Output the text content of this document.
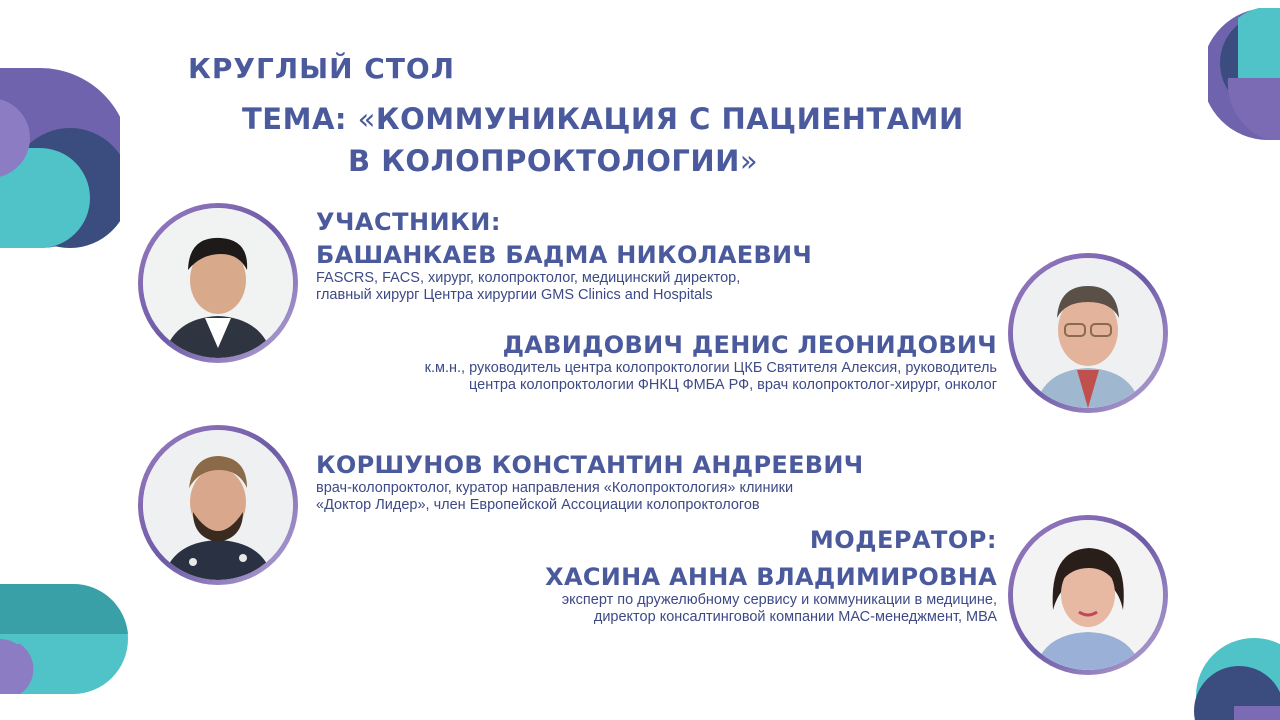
КРУГЛЫЙ СТОЛ
ТЕМА: «КОММУНИКАЦИЯ С ПАЦИЕНТАМИ
В КОЛОПРОКТОЛОГИИ»
УЧАСТНИКИ:
БАШАНКАЕВ БАДМА НИКОЛАЕВИЧ
FASCRS, FACS, хирург, колопроктолог, медицинский директор,
главный хирург Центра хирургии GMS Clinics and Hospitals
ДАВИДОВИЧ ДЕНИС ЛЕОНИДОВИЧ
к.м.н., руководитель центра колопроктологии ЦКБ Святителя Алексия, руководитель
центра колопроктологии ФНКЦ ФМБА РФ, врач колопроктолог-хирург, онколог
КОРШУНОВ КОНСТАНТИН АНДРЕЕВИЧ
врач-колопроктолог, куратор направления «Колопроктология» клиники
«Доктор Лидер», член Европейской Ассоциации колопроктологов
МОДЕРАТОР:
ХАСИНА АННА ВЛАДИМИРОВНА
эксперт по дружелюбному сервису и коммуникации в медицине,
директор консалтинговой компании МАС-менеджмент, МВА
